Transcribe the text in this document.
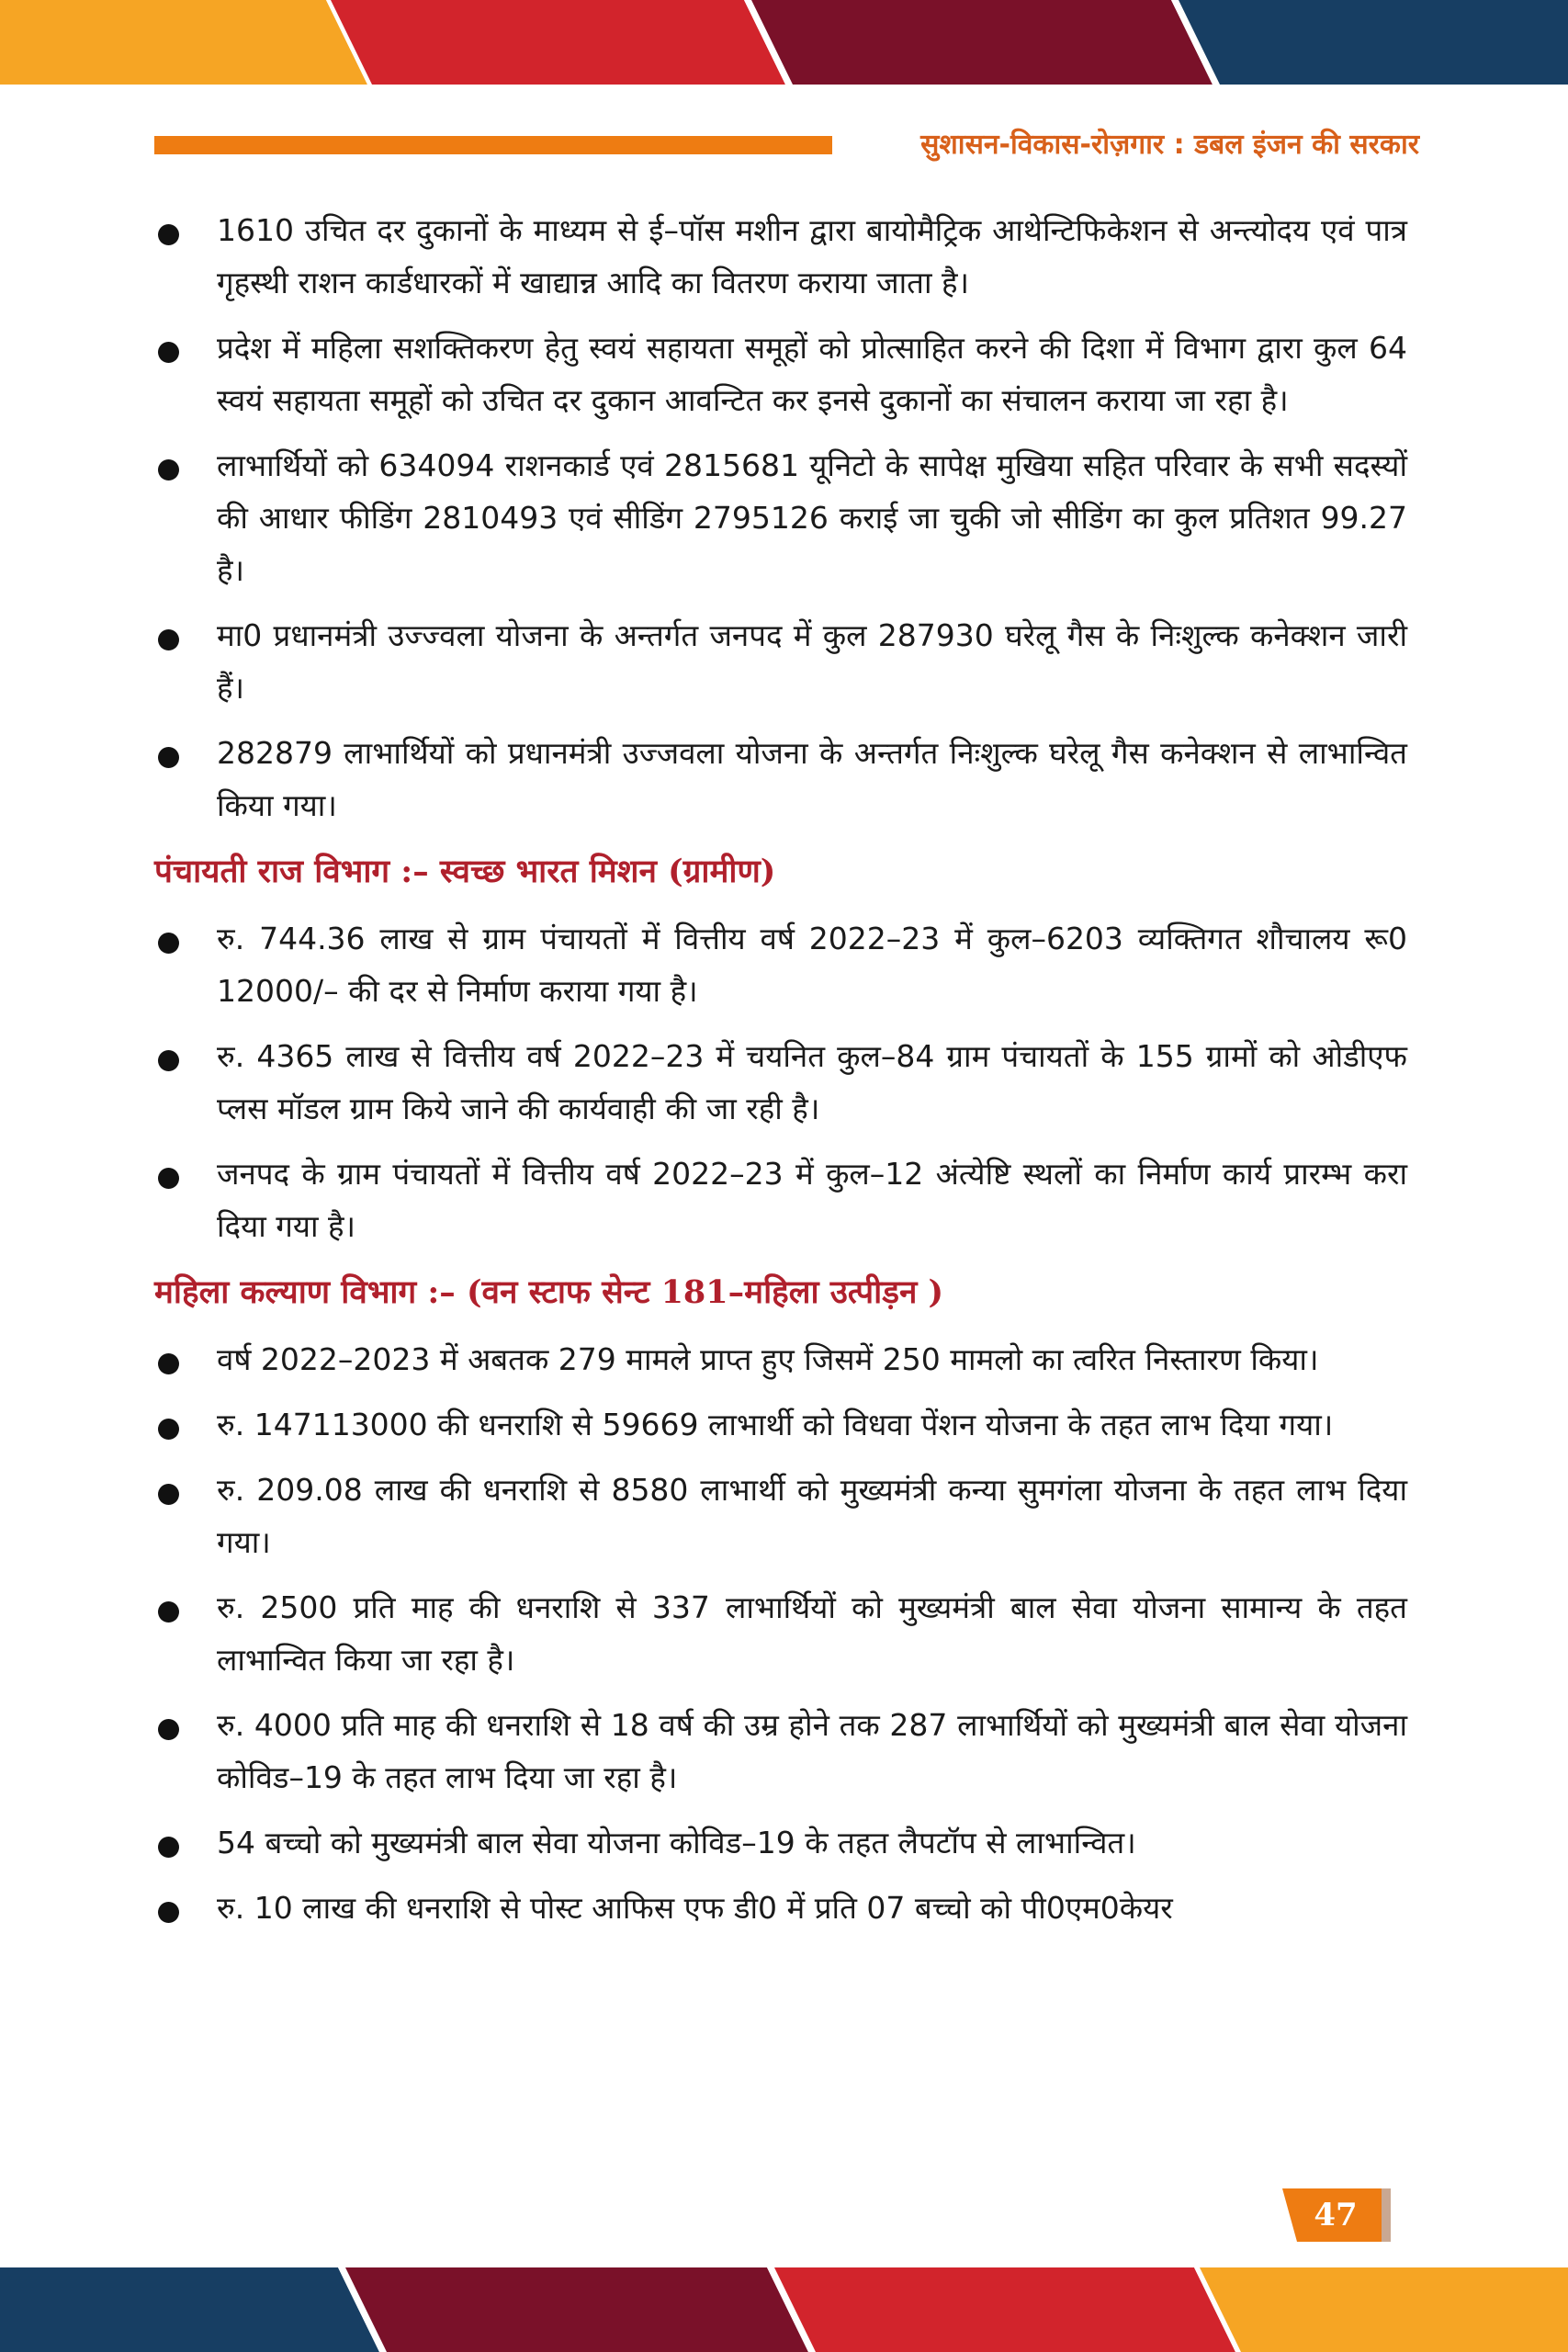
सुशासन-विकास-रोज़गार : डबल इंजन की सरकार
1610 उचित दर दुकानों के माध्यम से ई–पॉस मशीन द्वारा बायोमैट्रिक आथेन्टिफिकेशन से अन्त्योदय एवं पात्र गृहस्थी राशन कार्डधारकों में खाद्यान्न आदि का वितरण कराया जाता है।
प्रदेश में महिला सशक्तिकरण हेतु स्वयं सहायता समूहों को प्रोत्साहित करने की दिशा में विभाग द्वारा कुल 64 स्वयं सहायता समूहों को उचित दर दुकान आवन्टित कर इनसे दुकानों का संचालन कराया जा रहा है।
लाभार्थियों को 634094 राशनकार्ड एवं 2815681 यूनिटो के सापेक्ष मुखिया सहित परिवार के सभी सदस्यों की आधार फीडिंग 2810493 एवं सीडिंग 2795126 कराई जा चुकी जो सीडिंग का कुल प्रतिशत 99.27 है।
मा0 प्रधानमंत्री उज्ज्वला योजना के अन्तर्गत जनपद में कुल 287930 घरेलू गैस के निःशुल्क कनेक्शन जारी हैं।
282879 लाभार्थियों को प्रधानमंत्री उज्जवला योजना के अन्तर्गत निःशुल्क घरेलू गैस कनेक्शन से लाभान्वित किया गया।
पंचायती राज विभाग :– स्वच्छ भारत मिशन (ग्रामीण)
रु. 744.36 लाख से ग्राम पंचायतों में वित्तीय वर्ष 2022–23 में कुल–6203 व्यक्तिगत शौचालय रू0 12000/– की दर से निर्माण कराया गया है।
रु. 4365 लाख से वित्तीय वर्ष 2022–23 में चयनित कुल–84 ग्राम पंचायतों के 155 ग्रामों को ओडीएफ प्लस मॉडल ग्राम किये जाने की कार्यवाही की जा रही है।
जनपद के ग्राम पंचायतों में वित्तीय वर्ष 2022–23 में कुल–12 अंत्येष्टि स्थलों का निर्माण कार्य प्रारम्भ करा दिया गया है।
महिला कल्याण विभाग :– (वन स्टाफ सेन्ट 181–महिला उत्पीड़न )
वर्ष 2022–2023 में अबतक 279 मामले प्राप्त हुए जिसमें 250 मामलो का त्वरित निस्तारण किया।
रु. 147113000 की धनराशि से 59669 लाभार्थी को विधवा पेंशन योजना के तहत लाभ दिया गया।
रु. 209.08 लाख की धनराशि से 8580 लाभार्थी को मुख्यमंत्री कन्या सुमगंला योजना के तहत लाभ दिया गया।
रु. 2500 प्रति माह की धनराशि से 337 लाभार्थियों को मुख्यमंत्री बाल सेवा योजना सामान्य के तहत लाभान्वित किया जा रहा है।
रु. 4000 प्रति माह की धनराशि से 18 वर्ष की उम्र होने तक 287 लाभार्थियों को मुख्यमंत्री बाल सेवा योजना कोविड–19 के तहत लाभ दिया जा रहा है।
54 बच्चो को मुख्यमंत्री बाल सेवा योजना कोविड–19 के तहत लैपटॉप से लाभान्वित।
रु. 10 लाख की धनराशि से पोस्ट आफिस एफ डी0 में प्रति 07 बच्चो को पी0एम0केयर
47
